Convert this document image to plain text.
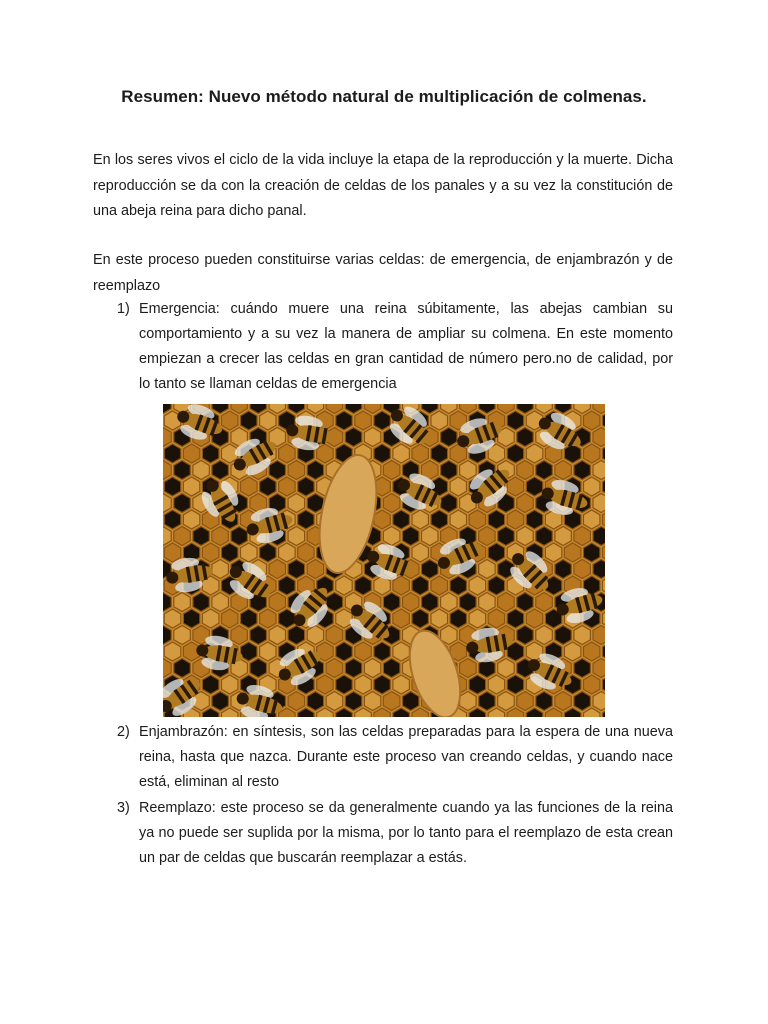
Resumen: Nuevo método natural de multiplicación de colmenas.

En los seres vivos el ciclo de la vida incluye la etapa de la reproducción y la muerte. Dicha reproducción se da con la creación de celdas de los panales y a su vez la constitución de una abeja reina para dicho panal.

En este proceso pueden constituirse varias celdas: de emergencia, de enjambrazón y de reemplazo

1) Emergencia: cuándo muere una reina súbitamente, las abejas cambian su comportamiento y a su vez la manera de ampliar su colmena. En este momento empiezan a crecer las celdas en gran cantidad de número pero.no de calidad, por lo tanto se llaman celdas de emergencia
2) Enjambrazón: en síntesis, son las celdas preparadas para la espera de una nueva reina, hasta que nazca. Durante este proceso van creando celdas, y cuando nace está, eliminan al resto
3) Reemplazo: este proceso se da generalmente cuando ya las funciones de la reina ya no puede ser suplida por la misma, por lo tanto para el reemplazo de esta crean un par de celdas que buscarán reemplazar a estás.
